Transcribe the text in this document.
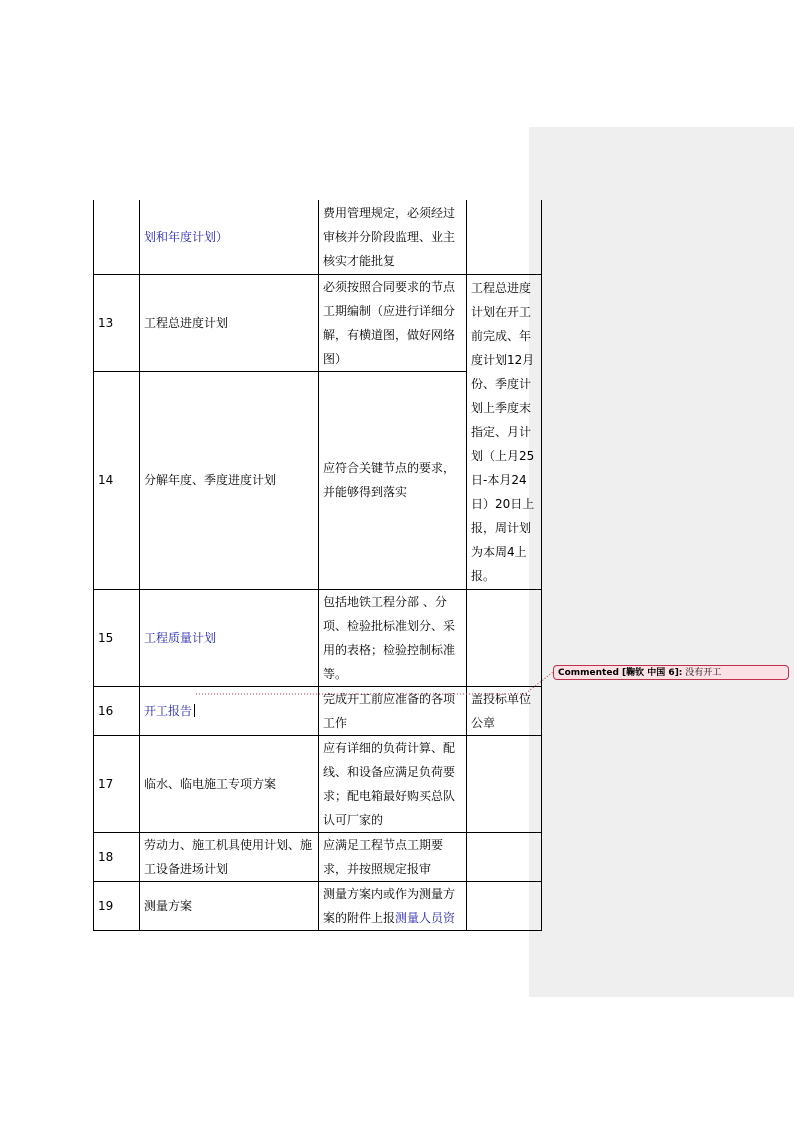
	划和年度计划）	费用管理规定，必须经过审核并分阶段监理、业主核实才能批复	
13	工程总进度计划	必须按照合同要求的节点工期编制（应进行详细分解，有横道图，做好网络图）	工程总进度计划在开工前完成、年度计划12月份、季度计划上季度末指定、月计划（上月25日-本月24日）20日上报，周计划为本周4上报。
14	分解年度、季度进度计划	应符合关键节点的要求，并能够得到落实	
15	工程质量计划	包括地铁工程分部 、分项、检验批标准划分、采用的表格；检验控制标准等。	
16	开工报告	完成开工前应准备的各项工作	盖投标单位公章
17	临水、临电施工专项方案	应有详细的负荷计算、配线、和设备应满足负荷要求；配电箱最好购买总队认可厂家的	
18	劳动力、施工机具使用计划、施工设备进场计划	应满足工程节点工期要求，并按照规定报审	
19	测量方案	测量方案内或作为测量方案的附件上报测量人员资	
Commented [鞠钦 中国 6]: 没有开工
